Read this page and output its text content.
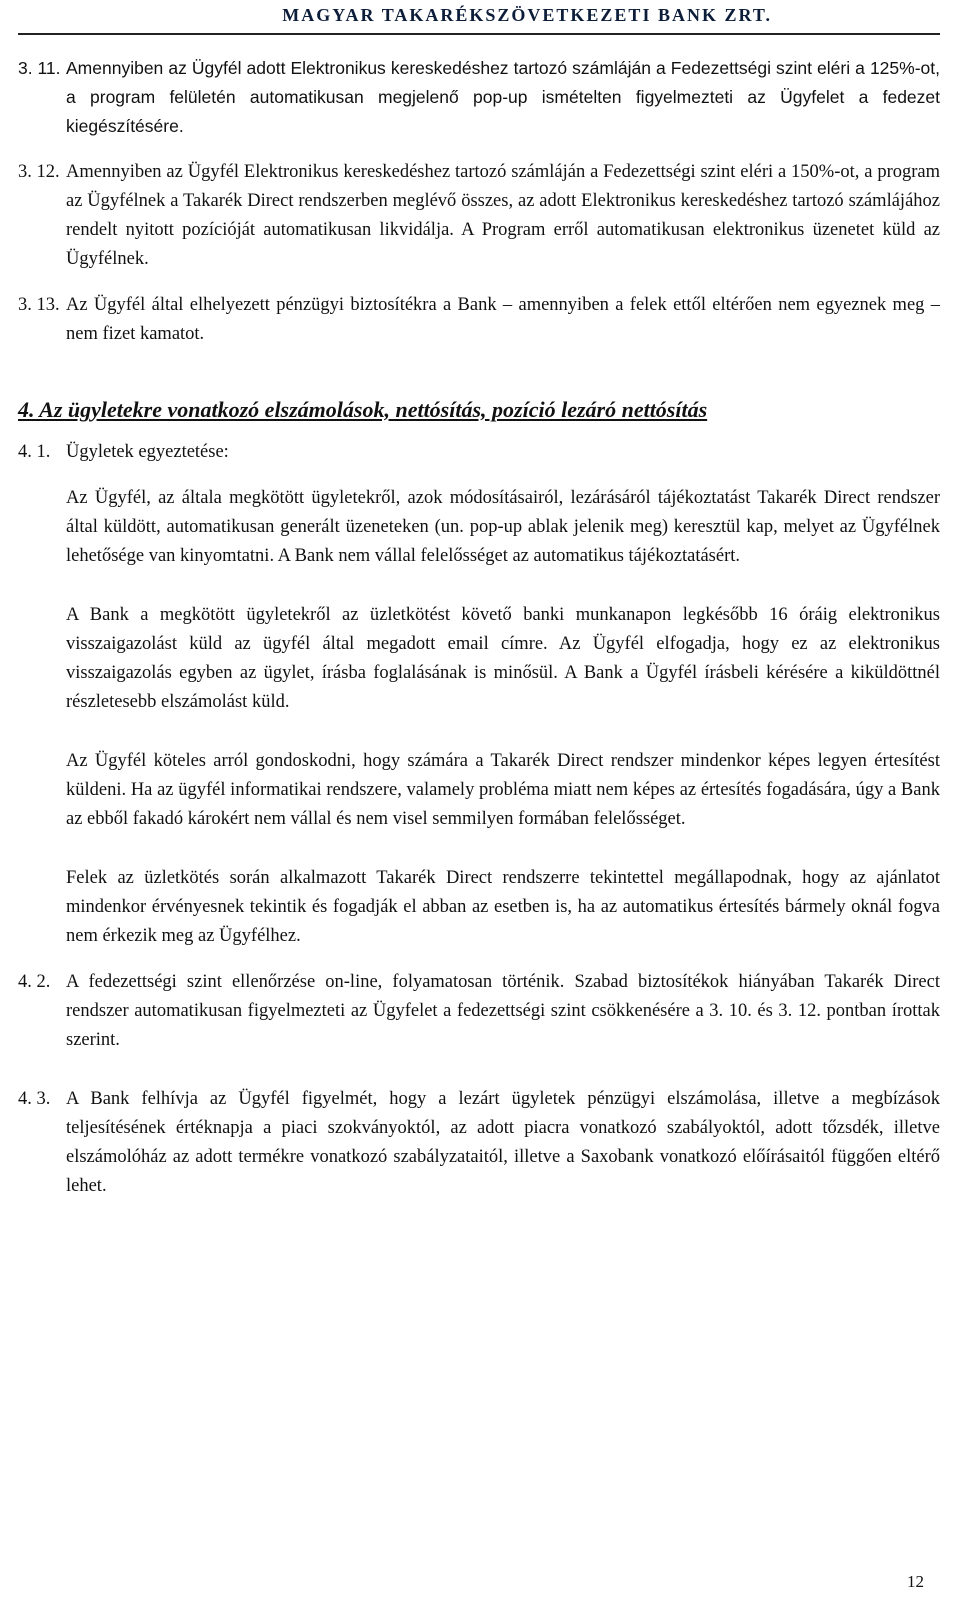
MAGYAR TAKARÉKSZÖVETKEZETI BANK ZRT.
3. 11. Amennyiben az Ügyfél adott Elektronikus kereskedéshez tartozó számláján a Fedezettségi szint eléri a 125%-ot, a program felületén automatikusan megjelenő pop-up ismételten figyelmezteti az Ügyfelet a fedezet kiegészítésére.
3. 12. Amennyiben az Ügyfél Elektronikus kereskedéshez tartozó számláján a Fedezettségi szint eléri a 150%-ot, a program az Ügyfélnek a Takarék Direct rendszerben meglévő összes, az adott Elektronikus kereskedéshez tartozó számlájához rendelt nyitott pozícióját automatikusan likvidálja. A Program erről automatikusan elektronikus üzenetet küld az Ügyfélnek.
3. 13. Az Ügyfél által elhelyezett pénzügyi biztosítékra a Bank – amennyiben a felek ettől eltérően nem egyeznek meg – nem fizet kamatot.
4. Az ügyletekre vonatkozó elszámolások, nettósítás, pozíció lezáró nettósítás
4. 1. Ügyletek egyeztetése:
Az Ügyfél, az általa megkötött ügyletekről, azok módosításairól, lezárásáról tájékoztatást Takarék Direct rendszer által küldött, automatikusan generált üzeneteken (un. pop-up ablak jelenik meg) keresztül kap, melyet az Ügyfélnek lehetősége van kinyomtatni. A Bank nem vállal felelősséget az automatikus tájékoztatásért.
A Bank a megkötött ügyletekről az üzletkötést követő banki munkanapon legkésőbb 16 óráig elektronikus visszaigazolást küld az ügyfél által megadott email címre. Az Ügyfél elfogadja, hogy ez az elektronikus visszaigazolás egyben az ügylet, írásba foglalásának is minősül. A Bank a Ügyfél írásbeli kérésére a kiküldöttnél részletesebb elszámolást küld.
Az Ügyfél köteles arról gondoskodni, hogy számára a Takarék Direct rendszer mindenkor képes legyen értesítést küldeni. Ha az ügyfél informatikai rendszere, valamely probléma miatt nem képes az értesítés fogadására, úgy a Bank az ebből fakadó károkért nem vállal és nem visel semmilyen formában felelősséget.
Felek az üzletkötés során alkalmazott Takarék Direct rendszerre tekintettel megállapodnak, hogy az ajánlatot mindenkor érvényesnek tekintik és fogadják el abban az esetben is, ha az automatikus értesítés bármely oknál fogva nem érkezik meg az Ügyfélhez.
4. 2. A fedezettségi szint ellenőrzése on-line, folyamatosan történik. Szabad biztosítékok hiányában Takarék Direct rendszer automatikusan figyelmezteti az Ügyfelet a fedezettségi szint csökkenésére a 3. 10. és 3. 12. pontban írottak szerint.
4. 3. A Bank felhívja az Ügyfél figyelmét, hogy a lezárt ügyletek pénzügyi elszámolása, illetve a megbízások teljesítésének értéknapja a piaci szokványoktól, az adott piacra vonatkozó szabályoktól, adott tőzsdék, illetve elszámolóház az adott termékre vonatkozó szabályzataitól, illetve a Saxobank vonatkozó előírásaitól függően eltérő lehet.
12
